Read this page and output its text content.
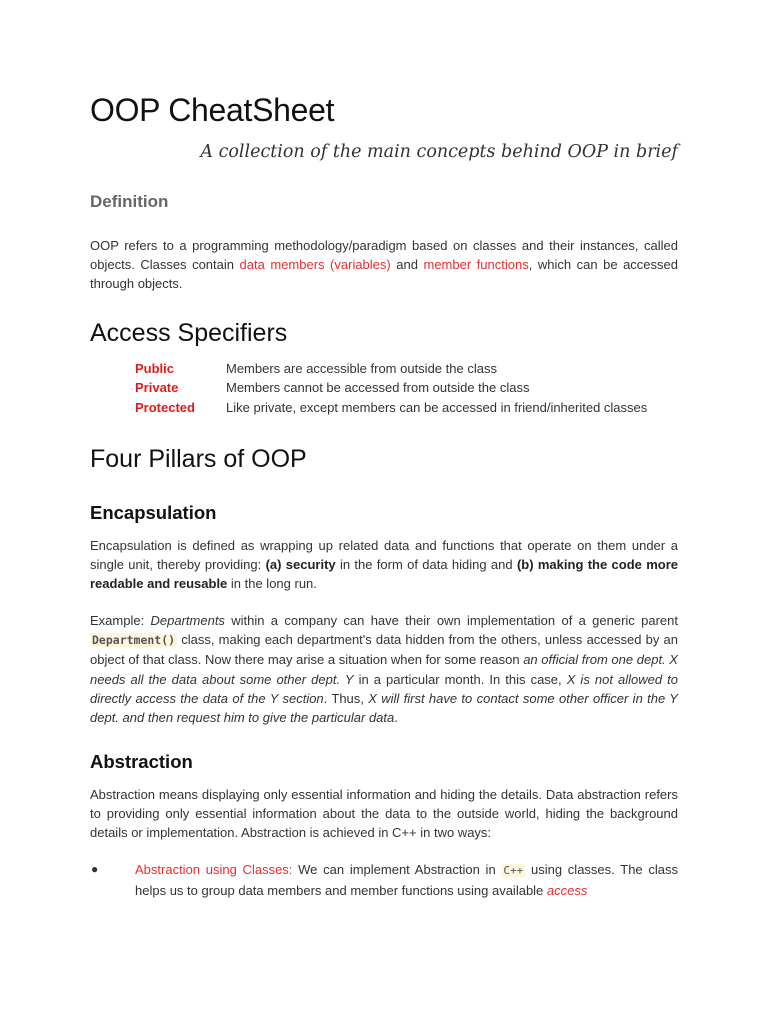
OOP CheatSheet

A collection of the main concepts behind OOP in brief

Definition

OOP refers to a programming methodology/paradigm based on classes and their instances, called objects. Classes contain data members (variables) and member functions, which can be accessed through objects.

Access Specifiers
Public	Members are accessible from outside the class
Private	Members cannot be accessed from outside the class
Protected	Like private, except members can be accessed in friend/inherited classes
Four Pillars of OOP
Encapsulation

Encapsulation is defined as wrapping up related data and functions that operate on them under a single unit, thereby providing: (a) security in the form of data hiding and (b) making the code more readable and reusable in the long run.

Example: Departments within a company can have their own implementation of a generic parent Department() class, making each department's data hidden from the others, unless accessed by an object of that class. Now there may arise a situation when for some reason an official from one dept. X needs all the data about some other dept. Y in a particular month. In this case, X is not allowed to directly access the data of the Y section. Thus, X will first have to contact some other officer in the Y dept. and then request him to give the particular data.

Abstraction

Abstraction means displaying only essential information and hiding the details. Data abstraction refers to providing only essential information about the data to the outside world, hiding the background details or implementation. Abstraction is achieved in C++ in two ways:

●	Abstraction using Classes: We can implement Abstraction in C++ using classes. The class helps us to group data members and member functions using available access
